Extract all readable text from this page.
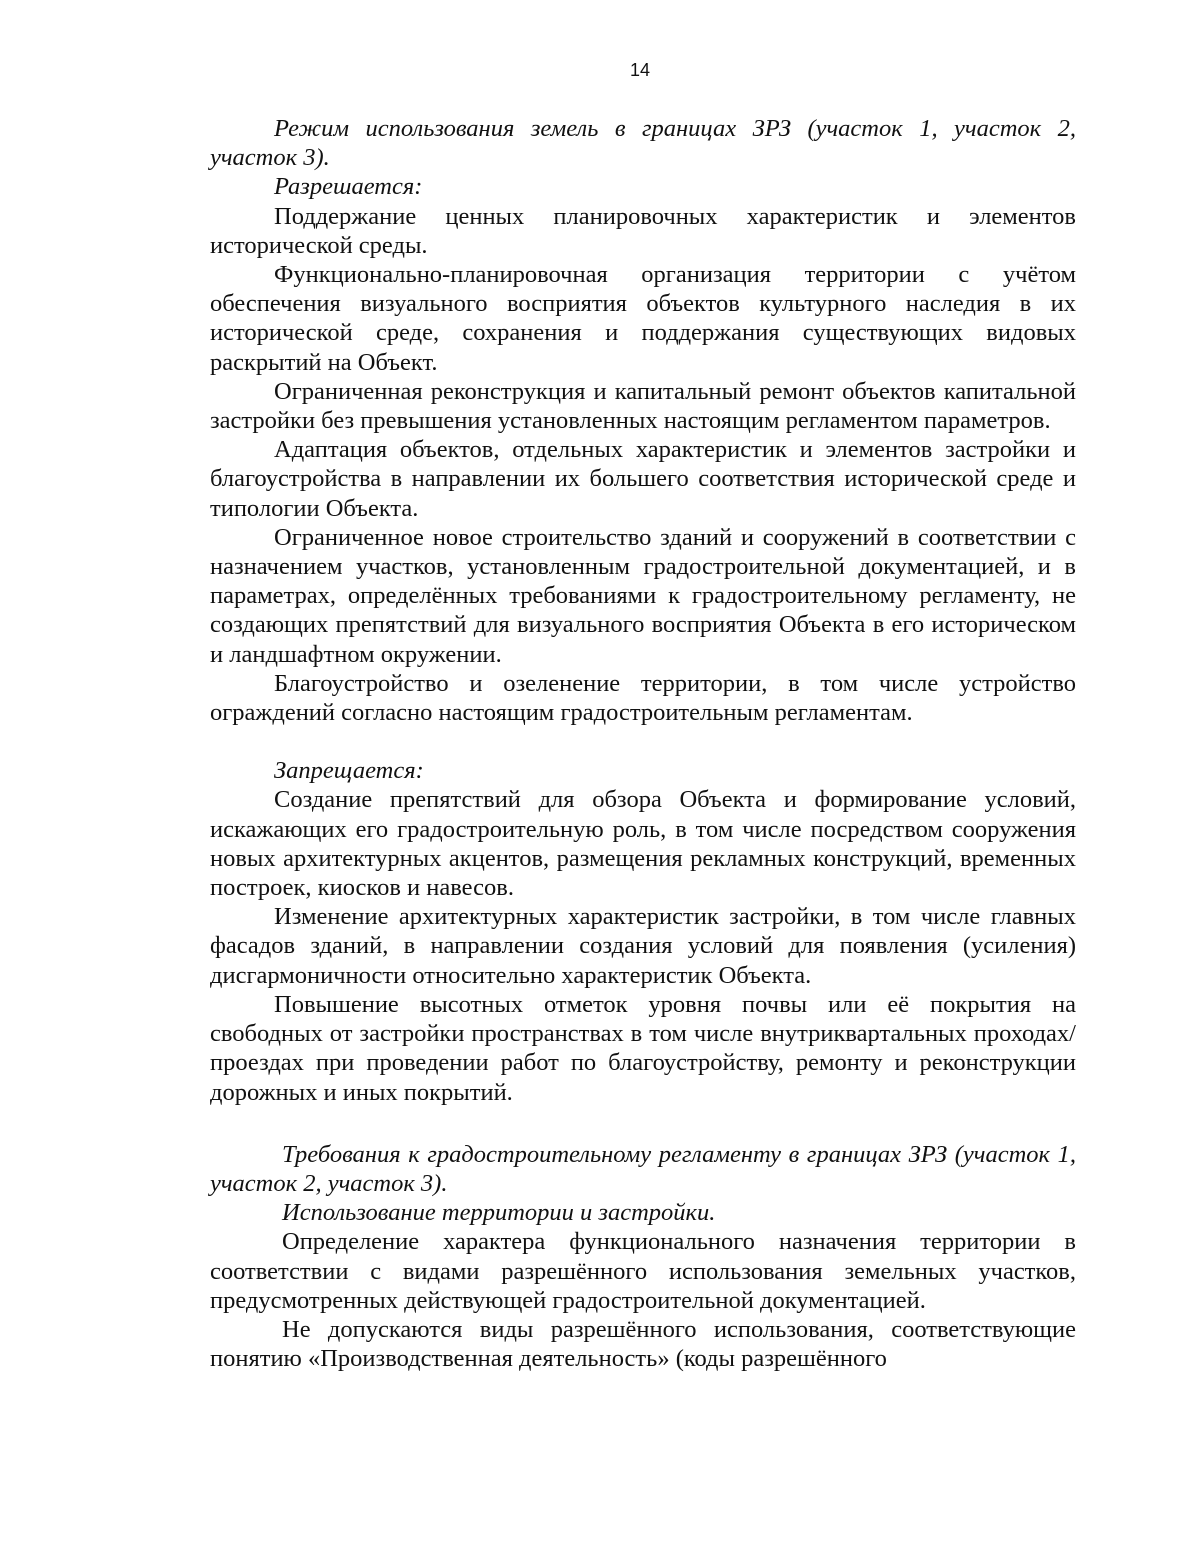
14

Режим использования земель в границах ЗРЗ (участок 1, участок 2, участок 3).

Разрешается:

Поддержание ценных планировочных характеристик и элементов исторической среды.

Функционально-планировочная организация территории с учётом обеспечения визуального восприятия объектов культурного наследия в их исторической среде, сохранения и поддержания существующих видовых раскрытий на Объект.

Ограниченная реконструкция и капитальный ремонт объектов капитальной застройки без превышения установленных настоящим регламентом параметров.

Адаптация объектов, отдельных характеристик и элементов застройки и благоустройства в направлении их большего соответствия исторической среде и типологии Объекта.

Ограниченное новое строительство зданий и сооружений в соответствии с назначением участков, установленным градостроительной документацией, и в параметрах, определённых требованиями к градостроительному регламенту, не создающих препятствий для визуального восприятия Объекта в его историческом и ландшафтном окружении.

Благоустройство и озеленение территории, в том числе устройство ограждений согласно настоящим градостроительным регламентам.

Запрещается:

Создание препятствий для обзора Объекта и формирование условий, искажающих его градостроительную роль, в том числе посредством сооружения новых архитектурных акцентов, размещения рекламных конструкций, временных построек, киосков и навесов.

Изменение архитектурных характеристик застройки, в том числе главных фасадов зданий, в направлении создания условий для появления (усиления) дисгармоничности относительно характеристик Объекта.

Повышение высотных отметок уровня почвы или её покрытия на свободных от застройки пространствах в том числе внутриквартальных проходах/проездах при проведении работ по благоустройству, ремонту и реконструкции дорожных и иных покрытий.

Требования к градостроительному регламенту в границах ЗРЗ (участок 1, участок 2, участок 3).

Использование территории и застройки.

Определение характера функционального назначения территории в соответствии с видами разрешённого использования земельных участков, предусмотренных действующей градостроительной документацией.

Не допускаются виды разрешённого использования, соответствующие понятию «Производственная деятельность» (коды разрешённого
